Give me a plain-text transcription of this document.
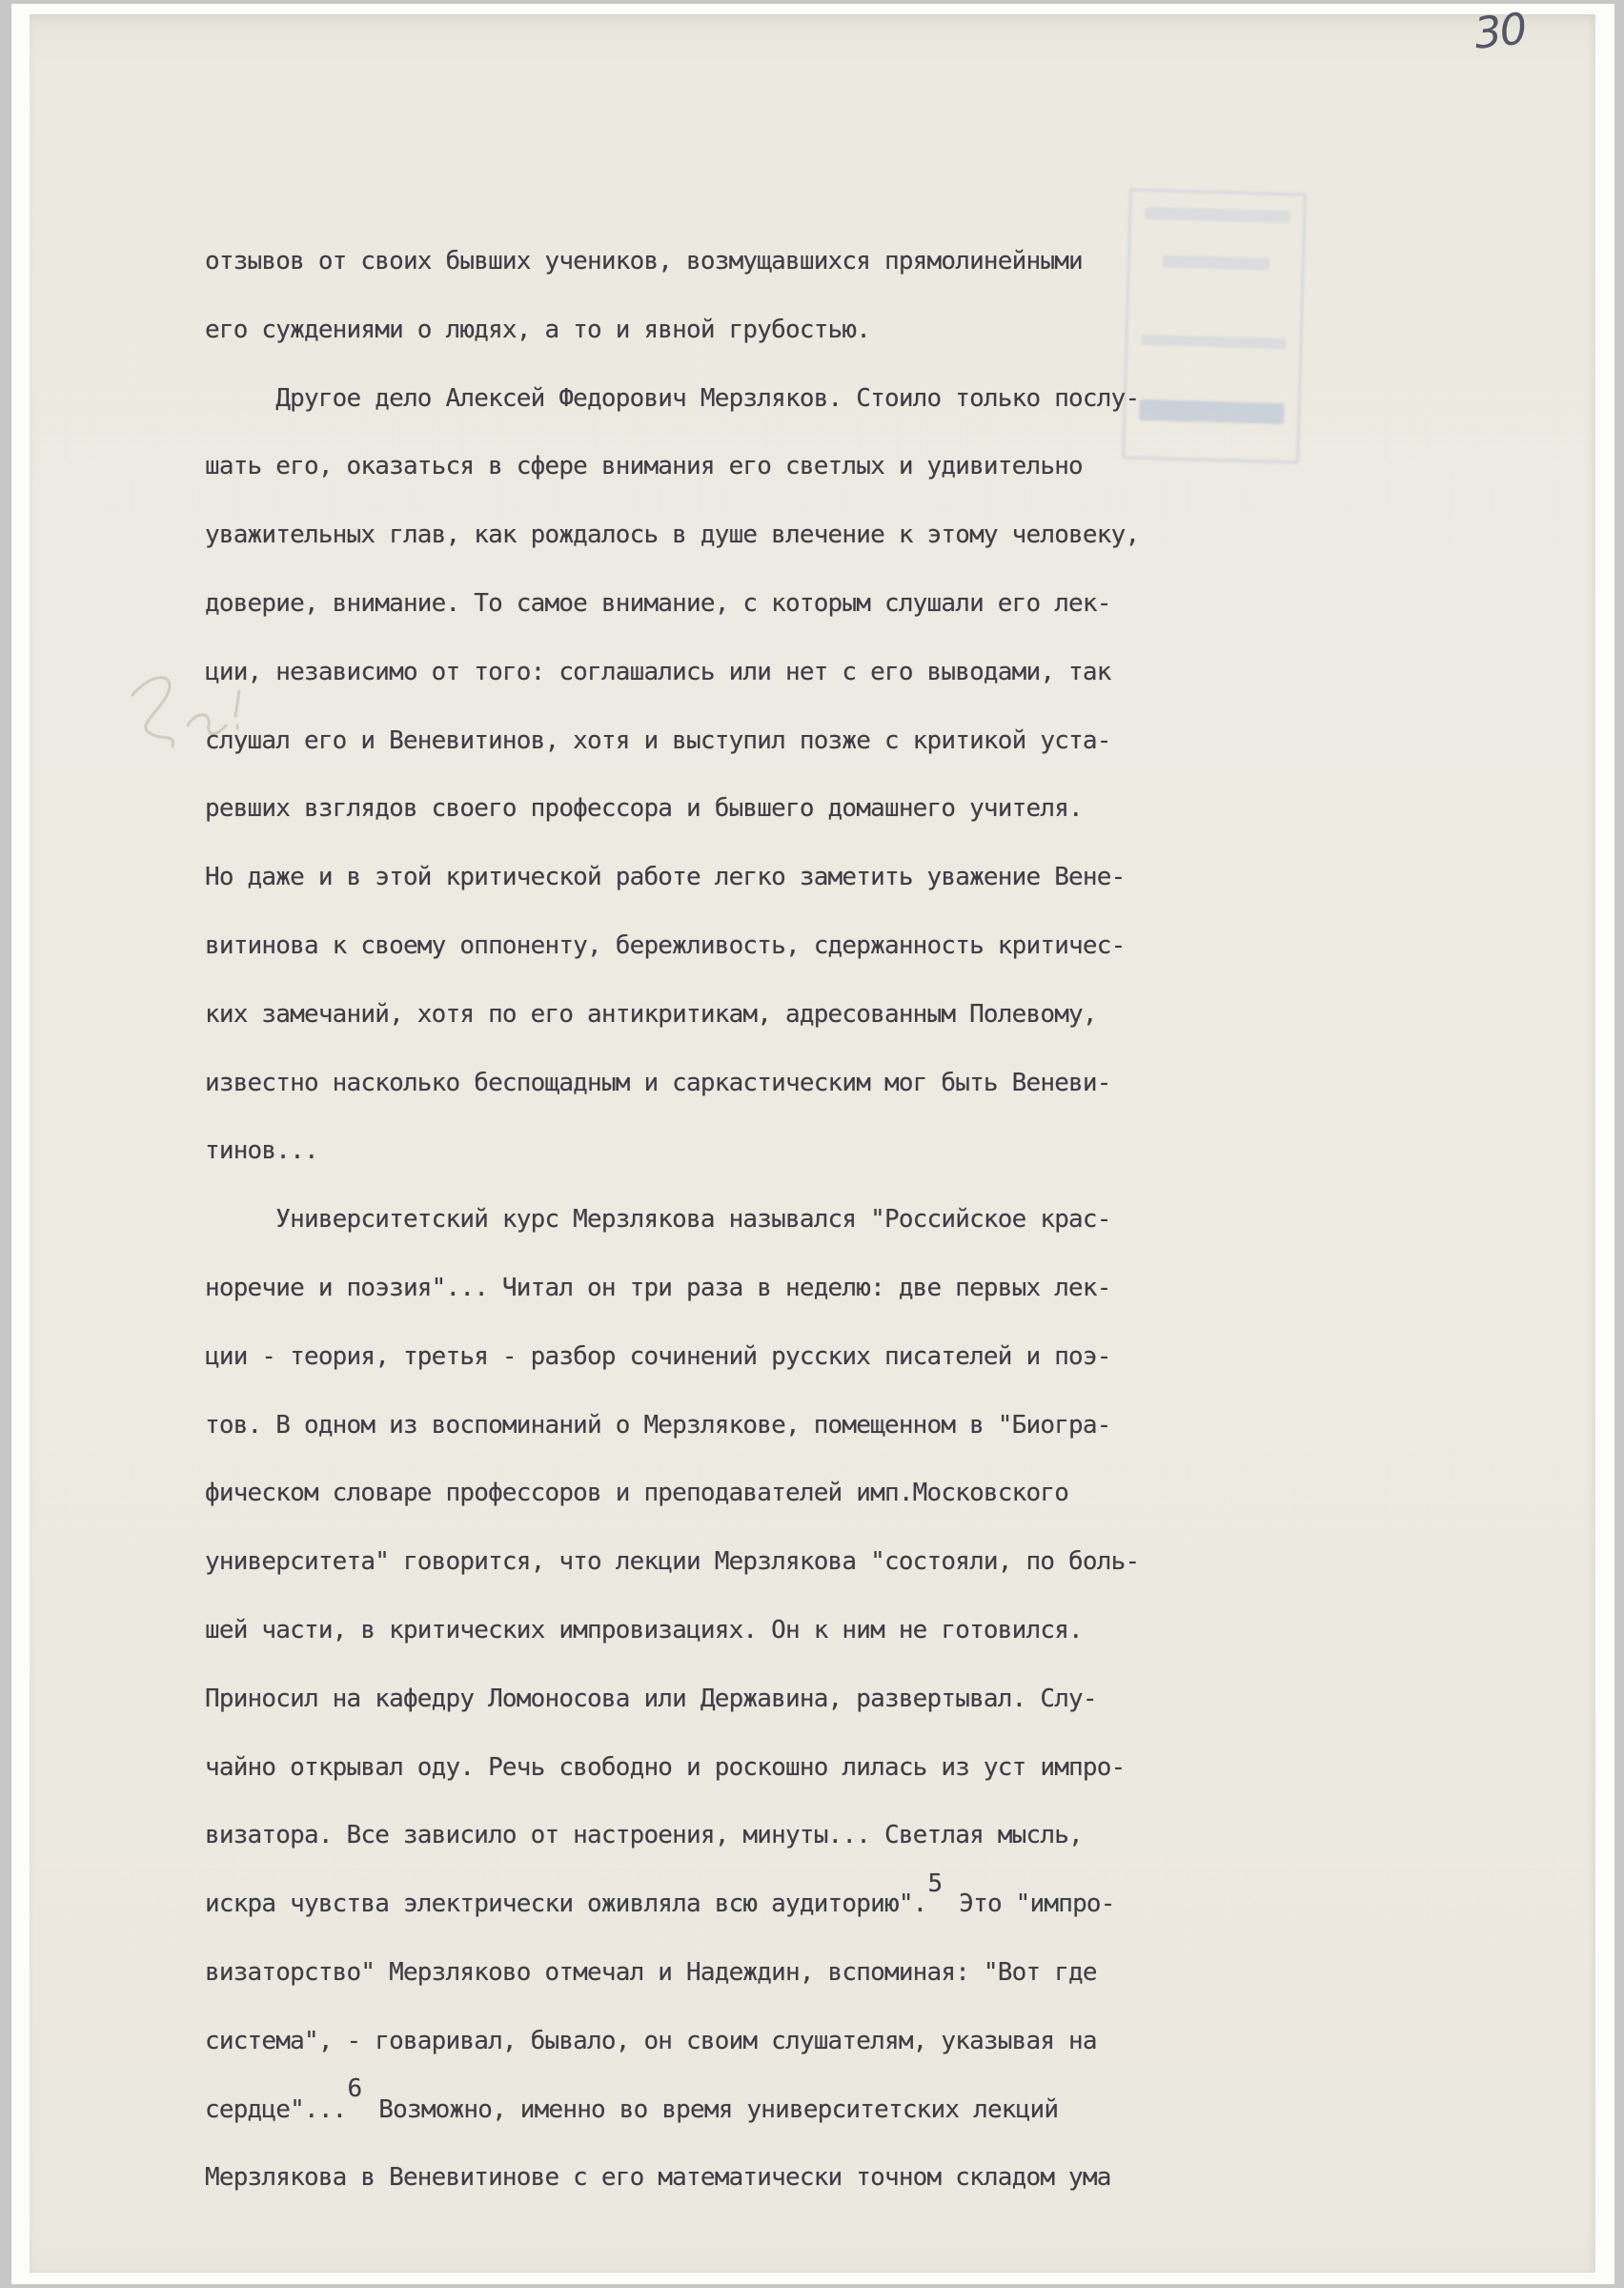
отзывов от своих бывших учеников, возмущавшихся прямолинейными
его суждениями о людях, а то и явной грубостью.
Другое дело Алексей Федорович Мерзляков. Стоило только послу-
шать его, оказаться в сфере внимания его светлых и удивительно
уважительных глав, как рождалось в душе влечение к этому человеку,
доверие, внимание. То самое внимание, с которым слушали его лек-
ции, независимо от того: соглашались или нет с его выводами, так
слушал его и Веневитинов, хотя и выступил позже с критикой уста-
ревших взглядов своего профессора и бывшего домашнего учителя.
Но даже и в этой критической работе легко заметить уважение Вене-
витинова к своему оппоненту, бережливость, сдержанность критичес-
ких замечаний, хотя по его антикритикам, адресованным Полевому,
известно насколько беспощадным и саркастическим мог быть Веневи-
тинов...
Университетский курс Мерзлякова назывался "Российское крас-
норечие и поэзия"... Читал он три раза в неделю: две первых лек-
ции - теория, третья - разбор сочинений русских писателей и поэ-
тов. В одном из воспоминаний о Мерзлякове, помещенном в "Биогра-
фическом словаре профессоров и преподавателей имп.Московского
университета" говорится, что лекции Мерзлякова "состояли, по боль-
шей части, в критических импровизациях. Он к ним не готовился.
Приносил на кафедру Ломоносова или Державина, развертывал. Слу-
чайно открывал оду. Речь свободно и роскошно лилась из уст импро-
визатора. Все зависило от настроения, минуты... Светлая мысль,
искра чувства электрически оживляла всю аудиторию".5 Это "импро-
визаторство" Мерзляково отмечал и Надеждин, вспоминая: "Вот где
система", - говаривал, бывало, он своим слушателям, указывая на
сердце"...6 Возможно, именно во время университетских лекций
Мерзлякова в Веневитинове с его математически точном складом ума
30
